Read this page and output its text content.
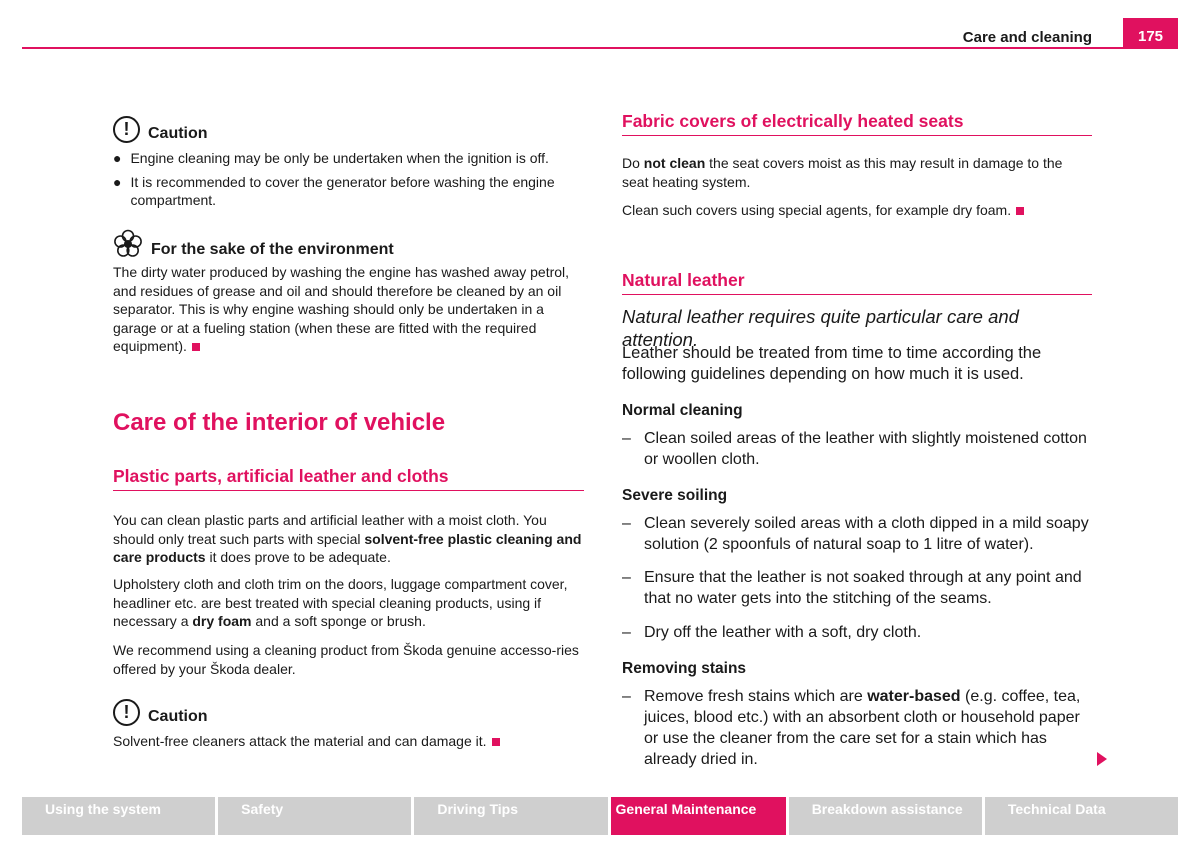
Care and cleaning	175
!	Caution
● Engine cleaning may be only be undertaken when the ignition is off.
● It is recommended to cover the generator before washing the engine compartment.
For the sake of the environment
The dirty water produced by washing the engine has washed away petrol, and residues of grease and oil and should therefore be cleaned by an oil separator. This is why engine washing should only be undertaken in a garage or at a fueling station (when these are fitted with the required equipment).
Care of the interior of vehicle
Plastic parts, artificial leather and cloths
You can clean plastic parts and artificial leather with a moist cloth. You should only treat such parts with special solvent-free plastic cleaning and care products it does prove to be adequate.
Upholstery cloth and cloth trim on the doors, luggage compartment cover, headliner etc. are best treated with special cleaning products, using if necessary a dry foam and a soft sponge or brush.
We recommend using a cleaning product from Škoda genuine accesso-ries offered by your Škoda dealer.
!	Caution
Solvent-free cleaners attack the material and can damage it.
Fabric covers of electrically heated seats
Do not clean the seat covers moist as this may result in damage to the seat heating system.
Clean such covers using special agents, for example dry foam.
Natural leather
Natural leather requires quite particular care and attention.
Leather should be treated from time to time according the following guidelines depending on how much it is used.
Normal cleaning
– Clean soiled areas of the leather with slightly moistened cotton or woollen cloth.
Severe soiling
– Clean severely soiled areas with a cloth dipped in a mild soapy solution (2 spoonfuls of natural soap to 1 litre of water).
– Ensure that the leather is not soaked through at any point and that no water gets into the stitching of the seams.
– Dry off the leather with a soft, dry cloth.
Removing stains
– Remove fresh stains which are water-based (e.g. coffee, tea, juices, blood etc.) with an absorbent cloth or household paper or use the cleaner from the care set for a stain which has already dried in.
Using the system	Safety	Driving Tips	General Maintenance	Breakdown assistance	Technical Data
